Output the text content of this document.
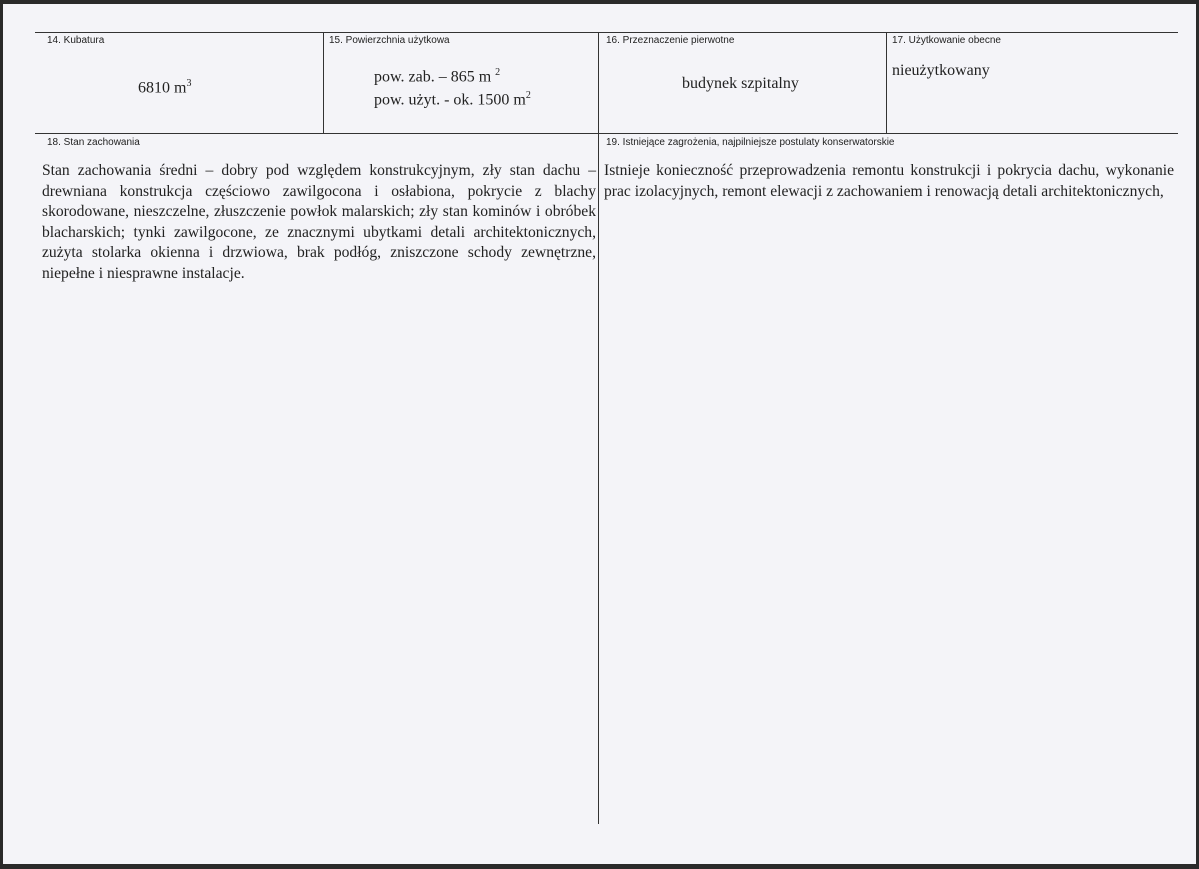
14. Kubatura
6810 $m^3$
15. Powierzchnia użytkowa
pow. zab. – 865 m $^2$
pow. użyt. - ok. 1500 $m^2$
16. Przeznaczenie pierwotne
budynek szpitalny
17. Użytkowanie obecne
nieużytkowany
18. Stan zachowania
Stan zachowania średni – dobry pod względem konstrukcyjnym, zły stan dachu – drewniana konstrukcja częściowo zawilgocona i osłabiona, pokrycie z blachy skorodowane, nieszczelne, złuszczenie powłok malarskich; zły stan kominów i obróbek blacharskich; tynki zawilgocone, ze znacznymi ubytkami detali architektonicznych, zużyta stolarka okienna i drzwiowa, brak podłóg, zniszczone schody zewnętrzne, niepełne i niesprawne instalacje.
19. Istniejące zagrożenia, najpilniejsze postulaty konserwatorskie
Istnieje konieczność przeprowadzenia remontu konstrukcji i pokrycia dachu, wykonanie prac izolacyjnych, remont elewacji z zachowaniem i renowacją detali architektonicznych,
